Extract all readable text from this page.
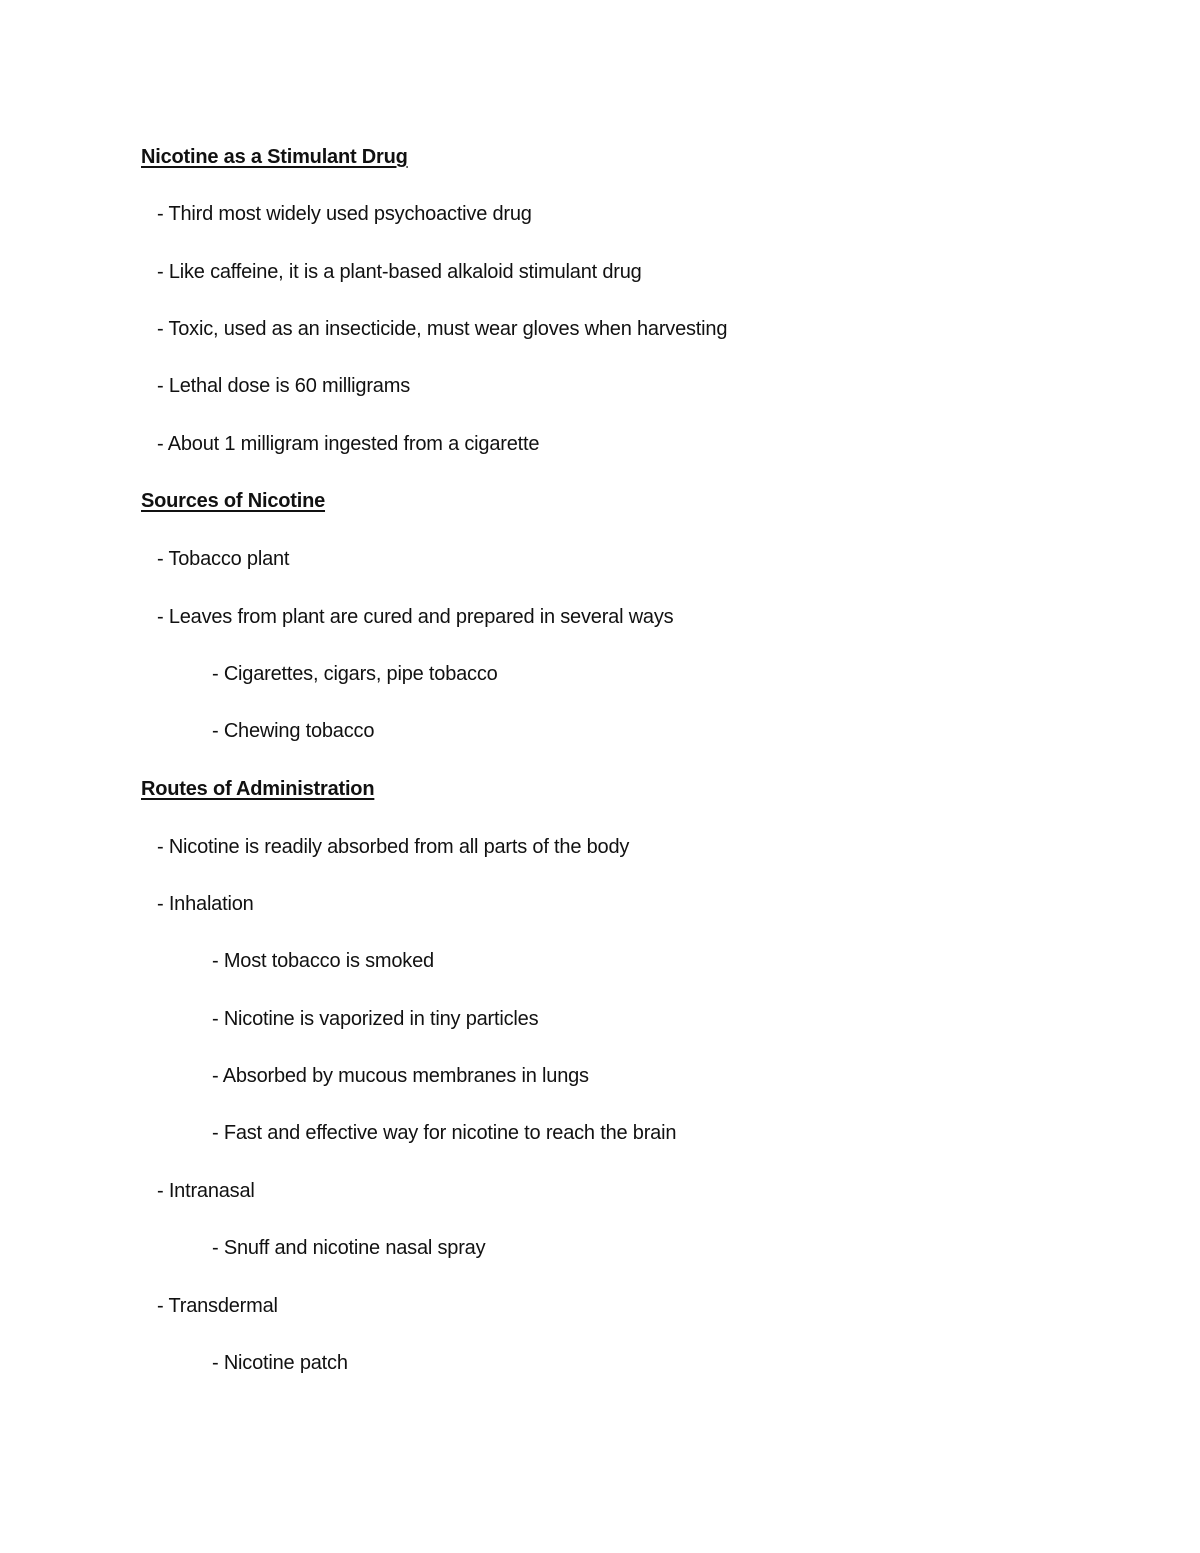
Nicotine as a Stimulant Drug
- Third most widely used psychoactive drug
- Like caffeine, it is a plant-based alkaloid stimulant drug
- Toxic, used as an insecticide, must wear gloves when harvesting
- Lethal dose is 60 milligrams
- About 1 milligram ingested from a cigarette
Sources of Nicotine
- Tobacco plant
- Leaves from plant are cured and prepared in several ways
- Cigarettes, cigars, pipe tobacco
- Chewing tobacco
Routes of Administration
- Nicotine is readily absorbed from all parts of the body
- Inhalation
- Most tobacco is smoked
- Nicotine is vaporized in tiny particles
- Absorbed by mucous membranes in lungs
- Fast and effective way for nicotine to reach the brain
- Intranasal
- Snuff and nicotine nasal spray
- Transdermal
- Nicotine patch
